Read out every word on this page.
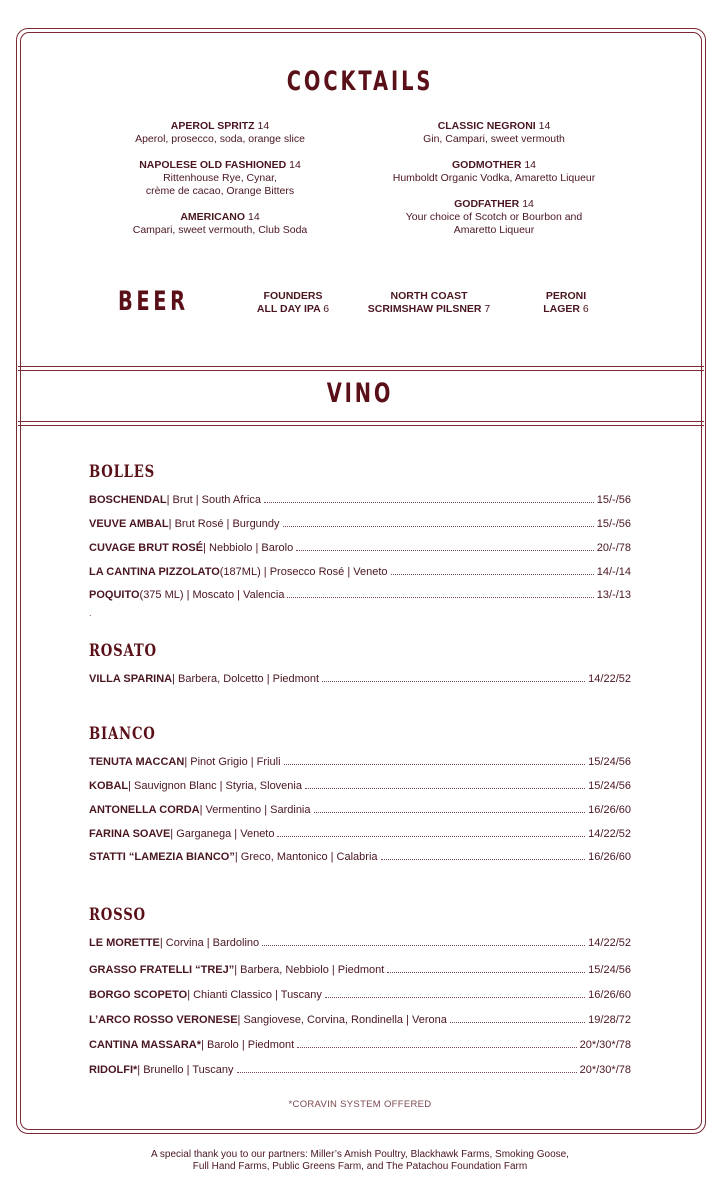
COCKTAILS
APEROL SPRITZ 14
Aperol, prosecco, soda, orange slice
NAPOLESE OLD FASHIONED 14
Rittenhouse Rye, Cynar,
crème de cacao, Orange Bitters
AMERICANO 14
Campari, sweet vermouth, Club Soda
CLASSIC NEGRONI 14
Gin, Campari, sweet vermouth
GODMOTHER 14
Humboldt Organic Vodka, Amaretto Liqueur
GODFATHER 14
Your choice of Scotch or Bourbon and
Amaretto Liqueur
BEER	FOUNDERS
ALL DAY IPA 6
NORTH COAST
SCRIMSHAW PILSNER 7
PERONI
LAGER 6
VINO
BOLLES
BOSCHENDAL | Brut | South Africa	15/-/56
VEUVE AMBAL | Brut Rosé | Burgundy	15/-/56
CUVAGE BRUT ROSÉ | Nebbiolo | Barolo	20/-/78
LA CANTINA PIZZOLATO (187ML) | Prosecco Rosé | Veneto	14/-/14
POQUITO (375 ML) | Moscato | Valencia	13/-/13
.
ROSATO
VILLA SPARINA | Barbera, Dolcetto | Piedmont	14/22/52
BIANCO
TENUTA MACCAN | Pinot Grigio | Friuli	15/24/56
KOBAL | Sauvignon Blanc | Styria, Slovenia	15/24/56
ANTONELLA CORDA | Vermentino | Sardinia	16/26/60
FARINA SOAVE | Garganega | Veneto	14/22/52
STATTI “LAMEZIA BIANCO” | Greco, Mantonico | Calabria	16/26/60
ROSSO
LE MORETTE | Corvina | Bardolino	14/22/52
GRASSO FRATELLI “TREJ” | Barbera, Nebbiolo | Piedmont	15/24/56
BORGO SCOPETO | Chianti Classico | Tuscany	16/26/60
L’ARCO ROSSO VERONESE | Sangiovese, Corvina, Rondinella | Verona	19/28/72
CANTINA MASSARA* | Barolo | Piedmont	20*/30*/78
RIDOLFI* | Brunello | Tuscany	20*/30*/78
*CORAVIN SYSTEM OFFERED
A special thank you to our partners: Miller’s Amish Poultry, Blackhawk Farms, Smoking Goose,
Full Hand Farms, Public Greens Farm, and The Patachou Foundation Farm
